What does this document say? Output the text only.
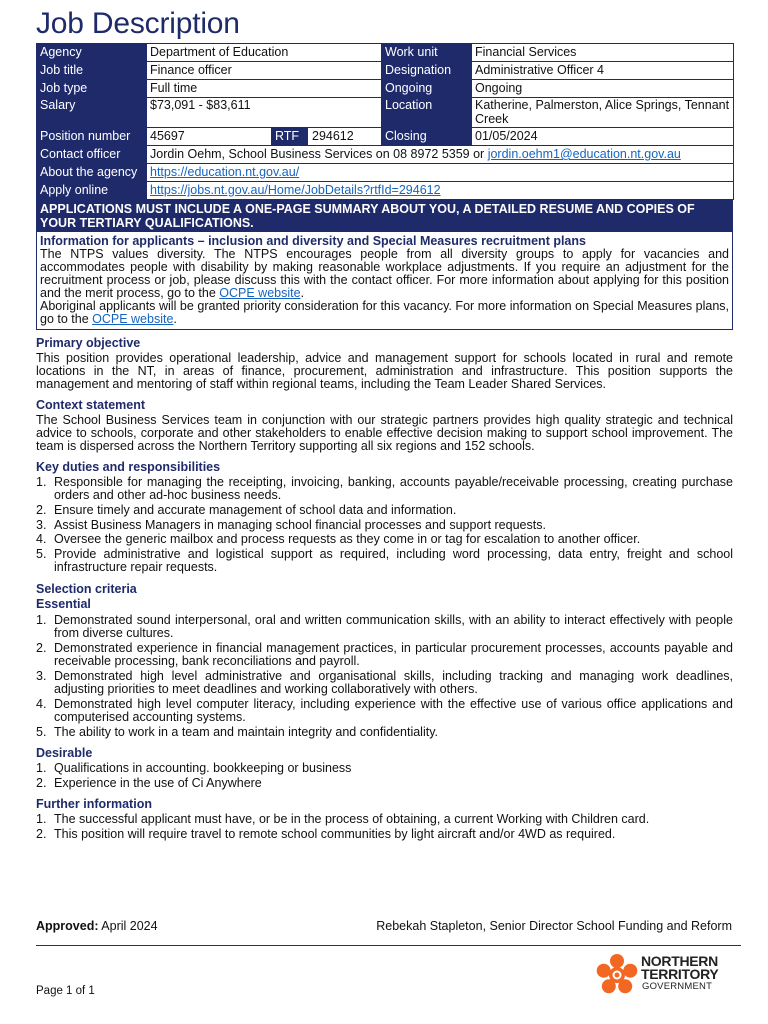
Job Description
Agency	Department of Education		Work unit	Financial Services
Job title	Finance officer		Designation	Administrative Officer 4
Job type	Full time		Ongoing	Ongoing
Salary	$73,091 - $83,611		Location	Katherine, Palmerston, Alice Springs, Tennant Creek
Position number	45697	RTF 294612	Closing	01/05/2024
Contact officer	Jordin Oehm, School Business Services on 08 8972 5359 or jordin.oehm1@education.nt.gov.au			
About the agency	https://education.nt.gov.au/			
Apply online	https://jobs.nt.gov.au/Home/JobDetails?rtfId=294612			
APPLICATIONS MUST INCLUDE A ONE-PAGE SUMMARY ABOUT YOU, A DETAILED RESUME AND COPIES OF YOUR TERTIARY QUALIFICATIONS.
Information for applicants – inclusion and diversity and Special Measures recruitment plans

The NTPS values diversity. The NTPS encourages people from all diversity groups to apply for vacancies and accommodates people with disability by making reasonable workplace adjustments. If you require an adjustment for the recruitment process or job, please discuss this with the contact officer. For more information about applying for this position and the merit process, go to the OCPE website.

Aboriginal applicants will be granted priority consideration for this vacancy. For more information on Special Measures plans, go to the OCPE website.

Primary objective

This position provides operational leadership, advice and management support for schools located in rural and remote locations in the NT, in areas of finance, procurement, administration and infrastructure. This position supports the management and mentoring of staff within regional teams, including the Team Leader Shared Services.

Context statement

The School Business Services team in conjunction with our strategic partners provides high quality strategic and technical advice to schools, corporate and other stakeholders to enable effective decision making to support school improvement. The team is dispersed across the Northern Territory supporting all six regions and 152 schools.

Key duties and responsibilities
1. Responsible for managing the receipting, invoicing, banking, accounts payable/receivable processing, creating purchase orders and other ad-hoc business needs.
2. Ensure timely and accurate management of school data and information.
3. Assist Business Managers in managing school financial processes and support requests.
4. Oversee the generic mailbox and process requests as they come in or tag for escalation to another officer.
5. Provide administrative and logistical support as required, including word processing, data entry, freight and school infrastructure repair requests.
Selection criteria
Essential
1. Demonstrated sound interpersonal, oral and written communication skills, with an ability to interact effectively with people from diverse cultures.
2. Demonstrated experience in financial management practices, in particular procurement processes, accounts payable and receivable processing, bank reconciliations and payroll.
3. Demonstrated high level administrative and organisational skills, including tracking and managing work deadlines, adjusting priorities to meet deadlines and working collaboratively with others.
4. Demonstrated high level computer literacy, including experience with the effective use of various office applications and computerised accounting systems.
5. The ability to work in a team and maintain integrity and confidentiality.
Desirable
1. Qualifications in accounting. bookkeeping or business
2. Experience in the use of Ci Anywhere
Further information
1. The successful applicant must have, or be in the process of obtaining, a current Working with Children card.
2. This position will require travel to remote school communities by light aircraft and/or 4WD as required.
Approved: April 2024	Rebekah Stapleton, Senior Director School Funding and Reform
Page 1 of 1
NORTHERN
TERRITORY
GOVERNMENT
